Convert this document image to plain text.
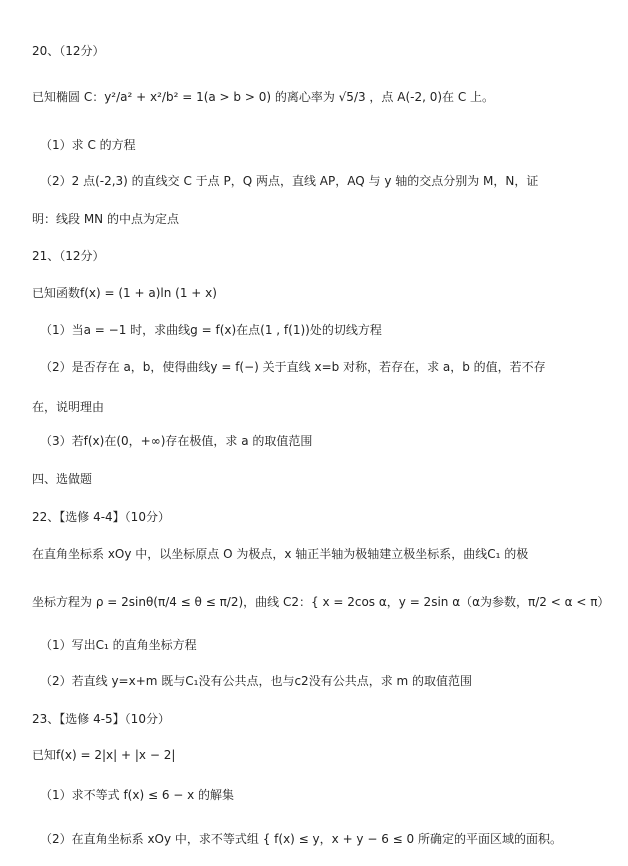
20、（12分）
已知椭圆 C：y²/a² + x²/b² = 1(a > b > 0) 的离心率为 √5/3 ，点 A(-2, 0)在 C 上。
（1）求 C 的方程
（2）2 点(-2,3) 的直线交 C 于点 P，Q 两点，直线 AP，AQ 与 y 轴的交点分别为 M，N，证
明：线段 MN 的中点为定点
21、（12分）
已知函数f(x) = (1 + a)ln (1 + x)
（1）当a = −1 时，求曲线g = f(x)在点(1 , f(1))处的切线方程
（2）是否存在 a，b，使得曲线y = f(−) 关于直线 x=b 对称，若存在，求 a，b 的值，若不存
在，说明理由
（3）若f(x)在(0，+∞)存在极值，求 a 的取值范围
四、选做题
22、【选修 4-4】（10分）
在直角坐标系 xOy 中，以坐标原点 O 为极点，x 轴正半轴为极轴建立极坐标系，曲线C₁ 的极
坐标方程为 ρ = 2sinθ(π/4 ≤ θ ≤ π/2)，曲线 C2：{ x = 2cos α，y = 2sin α（α为参数，π/2 < α < π）
（1）写出C₁ 的直角坐标方程
（2）若直线 y=x+m 既与C₁没有公共点，也与c2没有公共点，求 m 的取值范围
23、【选修 4-5】（10分）
已知f(x) = 2|x| + |x − 2|
（1）求不等式 f(x) ≤ 6 − x 的解集
（2）在直角坐标系 xOy 中，求不等式组 { f(x) ≤ y，x + y − 6 ≤ 0 所确定的平面区域的面积。
